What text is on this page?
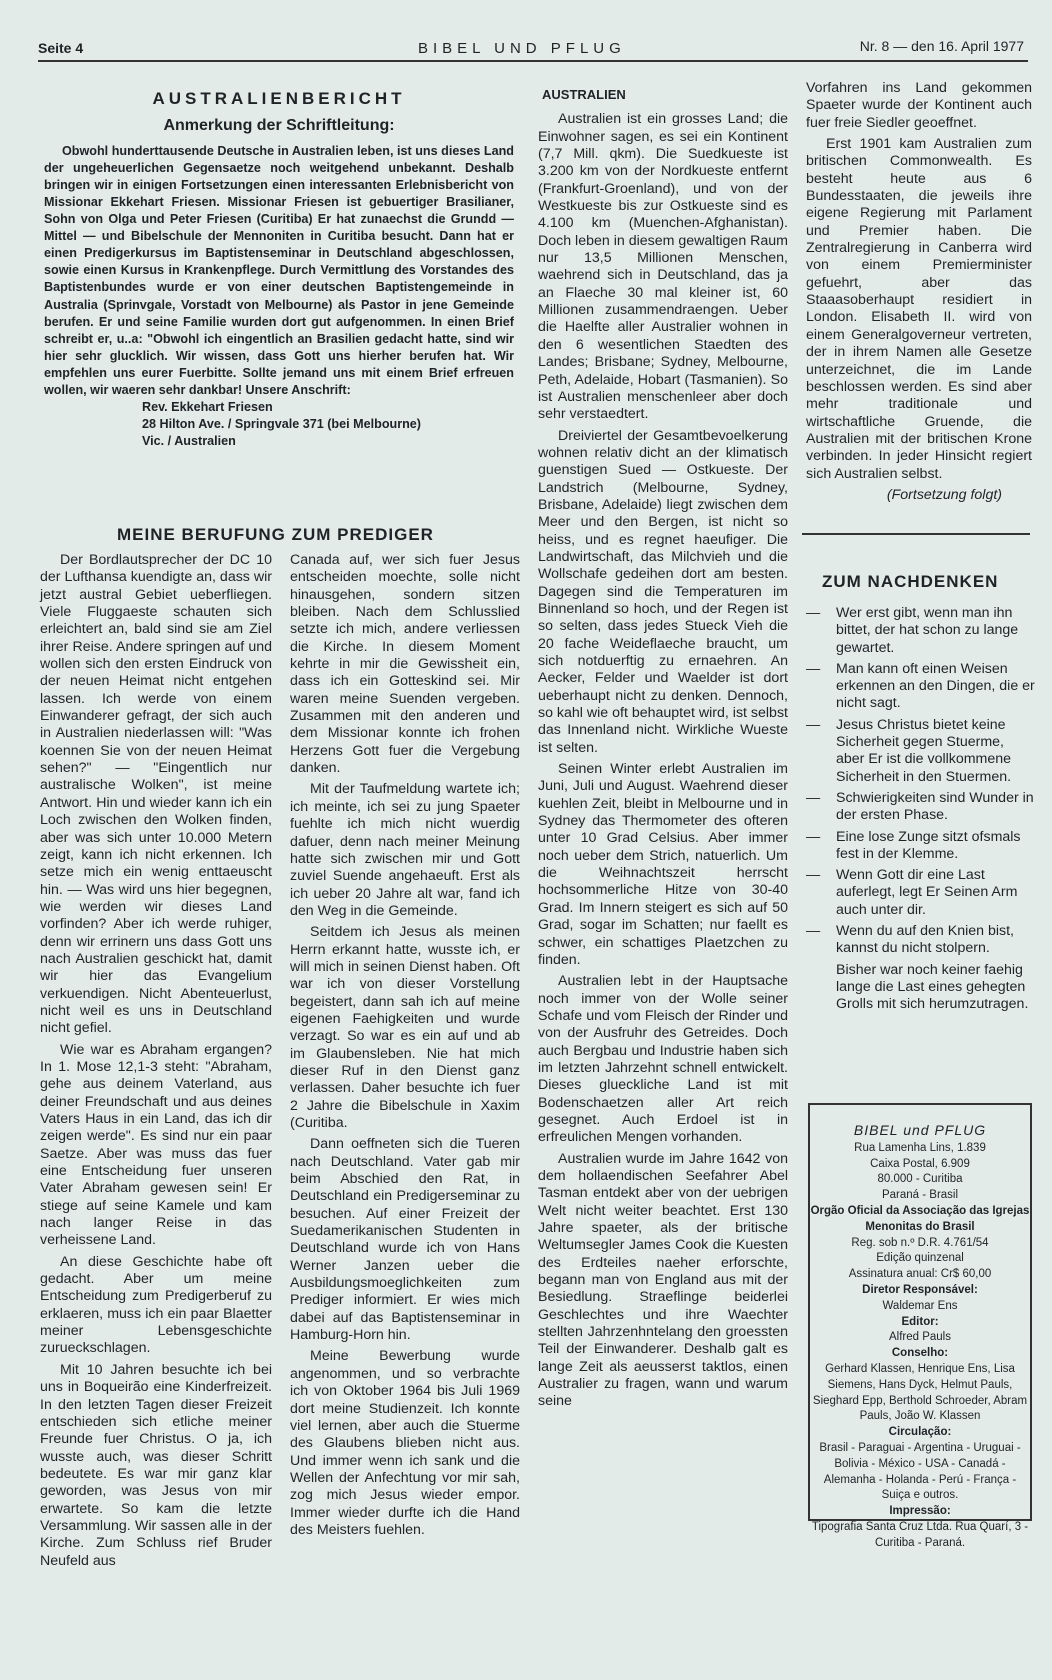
Seite 4	BIBEL UND PFLUG	Nr. 8 — den 16. April 1977
AUSTRALIENBERICHT
Anmerkung der Schriftleitung:

Obwohl hunderttausende Deutsche in Australien leben, ist uns dieses Land der ungeheuerlichen Gegensaetze noch weitgehend unbekannt. Deshalb bringen wir in einigen Fortsetzungen einen interessanten Erlebnisbericht von Missionar Ekkehart Friesen. Missionar Friesen ist gebuertiger Brasilianer, Sohn von Olga und Peter Friesen (Curitiba) Er hat zunaechst die Grundd — Mittel — und Bibelschule der Mennoniten in Curitiba besucht. Dann hat er einen Predigerkursus im Baptistenseminar in Deutschland abgeschlossen, sowie einen Kursus in Krankenpflege. Durch Vermittlung des Vorstandes des Baptistenbundes wurde er von einer deutschen Baptistengemeinde in Australia (Sprinvgale, Vorstadt von Melbourne) als Pastor in jene Gemeinde berufen. Er und seine Familie wurden dort gut aufgenommen. In einen Brief schreibt er, u..a: "Obwohl ich eingentlich an Brasilien gedacht hatte, sind wir hier sehr glucklich. Wir wissen, dass Gott uns hierher berufen hat. Wir empfehlen uns eurer Fuerbitte. Sollte jemand uns mit einem Brief erfreuen wollen, wir waeren sehr dankbar! Unsere Anschrift:

Rev. Ekkehart Friesen
28 Hilton Ave. / Springvale 371 (bei Melbourne)
Vic. / Australien
MEINE BERUFUNG ZUM PREDIGER

Der Bordlautsprecher der DC 10 der Lufthansa kuendigte an, dass wir jetzt austral Gebiet ueberfliegen. Viele Fluggaeste schauten sich erleichtert an, bald sind sie am Ziel ihrer Reise. Andere springen auf und wollen sich den ersten Eindruck von der neuen Heimat nicht entgehen lassen. Ich werde von einem Einwanderer gefragt, der sich auch in Australien niederlassen will: "Was koennen Sie von der neuen Heimat sehen?" — "Eingentlich nur australische Wolken", ist meine Antwort. Hin und wieder kann ich ein Loch zwischen den Wolken finden, aber was sich unter 10.000 Metern zeigt, kann ich nicht erkennen. Ich setze mich ein wenig enttaeuscht hin. — Was wird uns hier begegnen, wie werden wir dieses Land vorfinden? Aber ich werde ruhiger, denn wir errinern uns dass Gott uns nach Australien geschickt hat, damit wir hier das Evangelium verkuendigen. Nicht Abenteuerlust, nicht weil es uns in Deutschland nicht gefiel.

Wie war es Abraham ergangen? In 1. Mose 12,1-3 steht: "Abraham, gehe aus deinem Vaterland, aus deiner Freundschaft und aus deines Vaters Haus in ein Land, das ich dir zeigen werde". Es sind nur ein paar Saetze. Aber was muss das fuer eine Entscheidung fuer unseren Vater Abraham gewesen sein! Er stiege auf seine Kamele und kam nach langer Reise in das verheissene Land.

An diese Geschichte habe oft gedacht. Aber um meine Entscheidung zum Predigerberuf zu erklaeren, muss ich ein paar Blaetter meiner Lebensgeschichte zurueckschlagen.

Mit 10 Jahren besuchte ich bei uns in Boqueirão eine Kinderfreizeit. In den letzten Tagen dieser Freizeit entschieden sich etliche meiner Freunde fuer Christus. O ja, ich wusste auch, was dieser Schritt bedeutete. Es war mir ganz klar geworden, was Jesus von mir erwartete. So kam die letzte Versammlung. Wir sassen alle in der Kirche. Zum Schluss rief Bruder Neufeld aus

Canada auf, wer sich fuer Jesus entscheiden moechte, solle nicht hinausgehen, sondern sitzen bleiben. Nach dem Schlusslied setzte ich mich, andere verliessen die Kirche. In diesem Moment kehrte in mir die Gewissheit ein, dass ich ein Gotteskind sei. Mir waren meine Suenden vergeben. Zusammen mit den anderen und dem Missionar konnte ich frohen Herzens Gott fuer die Vergebung danken.

Mit der Taufmeldung wartete ich; ich meinte, ich sei zu jung Spaeter fuehlte ich mich nicht wuerdig dafuer, denn nach meiner Meinung hatte sich zwischen mir und Gott zuviel Suende angehaeuft. Erst als ich ueber 20 Jahre alt war, fand ich den Weg in die Gemeinde.

Seitdem ich Jesus als meinen Herrn erkannt hatte, wusste ich, er will mich in seinen Dienst haben. Oft war ich von dieser Vorstellung begeistert, dann sah ich auf meine eigenen Faehigkeiten und wurde verzagt. So war es ein auf und ab im Glaubensleben. Nie hat mich dieser Ruf in den Dienst ganz verlassen. Daher besuchte ich fuer 2 Jahre die Bibelschule in Xaxim (Curitiba.

Dann oeffneten sich die Tueren nach Deutschland. Vater gab mir beim Abschied den Rat, in Deutschland ein Predigerseminar zu besuchen. Auf einer Freizeit der Suedamerikanischen Studenten in Deutschland wurde ich von Hans Werner Janzen ueber die Ausbildungsmoeglichkeiten zum Prediger informiert. Er wies mich dabei auf das Baptistenseminar in Hamburg-Horn hin.

Meine Bewerbung wurde angenommen, und so verbrachte ich von Oktober 1964 bis Juli 1969 dort meine Studienzeit. Ich konnte viel lernen, aber auch die Stuerme des Glaubens blieben nicht aus. Und immer wenn ich sank und die Wellen der Anfechtung vor mir sah, zog mich Jesus wieder empor. Immer wieder durfte ich die Hand des Meisters fuehlen.

AUSTRALIEN

Australien ist ein grosses Land; die Einwohner sagen, es sei ein Kontinent (7,7 Mill. qkm). Die Suedkueste ist 3.200 km von der Nordkueste entfernt (Frankfurt-Groenland), und von der Westkueste bis zur Ostkueste sind es 4.100 km (Muenchen-Afghanistan). Doch leben in diesem gewaltigen Raum nur 13,5 Millionen Menschen, waehrend sich in Deutschland, das ja an Flaeche 30 mal kleiner ist, 60 Millionen zusammendraengen. Ueber die Haelfte aller Australier wohnen in den 6 wesentlichen Staedten des Landes; Brisbane; Sydney, Melbourne, Peth, Adelaide, Hobart (Tasmanien). So ist Australien menschenleer aber doch sehr verstaedtert.

Dreiviertel der Gesamtbevoelkerung wohnen relativ dicht an der klimatisch guenstigen Sued — Ostkueste. Der Landstrich (Melbourne, Sydney, Brisbane, Adelaide) liegt zwischen dem Meer und den Bergen, ist nicht so heiss, und es regnet haeufiger. Die Landwirtschaft, das Milchvieh und die Wollschafe gedeihen dort am besten. Dagegen sind die Temperaturen im Binnenland so hoch, und der Regen ist so selten, dass jedes Stueck Vieh die 20 fache Weideflaeche braucht, um sich notduerftig zu ernaehren. An Aecker, Felder und Waelder ist dort ueberhaupt nicht zu denken. Dennoch, so kahl wie oft behauptet wird, ist selbst das Innenland nicht. Wirkliche Wueste ist selten.

Seinen Winter erlebt Australien im Juni, Juli und August. Waehrend dieser kuehlen Zeit, bleibt in Melbourne und in Sydney das Thermometer des ofteren unter 10 Grad Celsius. Aber immer noch ueber dem Strich, natuerlich. Um die Weihnachtszeit herrscht hochsommerliche Hitze von 30-40 Grad. Im Innern steigert es sich auf 50 Grad, sogar im Schatten; nur faellt es schwer, ein schattiges Plaetzchen zu finden.

Australien lebt in der Hauptsache noch immer von der Wolle seiner Schafe und vom Fleisch der Rinder und von der Ausfruhr des Getreides. Doch auch Bergbau und Industrie haben sich im letzten Jahrzehnt schnell entwickelt. Dieses glueckliche Land ist mit Bodenschaetzen aller Art reich gesegnet. Auch Erdoel ist in erfreulichen Mengen vorhanden.

Australien wurde im Jahre 1642 von dem hollaendischen Seefahrer Abel Tasman entdekt aber von der uebrigen Welt nicht weiter beachtet. Erst 130 Jahre spaeter, als der britische Weltumsegler James Cook die Kuesten des Erdteiles naeher erforschte, begann man von England aus mit der Besiedlung. Straeflinge beiderlei Geschlechtes und ihre Waechter stellten Jahrzenhntelang den groessten Teil der Einwanderer. Deshalb galt es lange Zeit als aeusserst taktlos, einen Australier zu fragen, wann und warum seine

Vorfahren ins Land gekommen Spaeter wurde der Kontinent auch fuer freie Siedler geoeffnet.

Erst 1901 kam Australien zum britischen Commonwealth. Es besteht heute aus 6 Bundesstaaten, die jeweils ihre eigene Regierung mit Parlament und Premier haben. Die Zentralregierung in Canberra wird von einem Premierminister gefuehrt, aber das Staaasoberhaupt residiert in London. Elisabeth II. wird von einem Generalgoverneur vertreten, der in ihrem Namen alle Gesetze unterzeichnet, die im Lande beschlossen werden. Es sind aber mehr traditionale und wirtschaftliche Gruende, die Australien mit der britischen Krone verbinden. In jeder Hinsicht regiert sich Australien selbst.

(Fortsetzung folgt)
ZUM NACHDENKEN
—	Wer erst gibt, wenn man ihn bittet, der hat schon zu lange gewartet.
—	Man kann oft einen Weisen erkennen an den Dingen, die er nicht sagt.
—	Jesus Christus bietet keine Sicherheit gegen Stuerme, aber Er ist die vollkommene Sicherheit in den Stuermen.
—	Schwierigkeiten sind Wunder in der ersten Phase.
—	Eine lose Zunge sitzt ofsmals fest in der Klemme.
—	Wenn Gott dir eine Last auferlegt, legt Er Seinen Arm auch unter dir.
—	Wenn du auf den Knien bist, kannst du nicht stolpern.
Bisher war noch keiner faehig lange die Last eines gehegten Grolls mit sich herumzutragen.
BIBEL und PFLUG
Rua Lamenha Lins, 1.839
Caixa Postal, 6.909
80.000 - Curitiba
Paraná - Brasil
Orgão Oficial da Associação das Igrejas Menonitas do Brasil
Reg. sob n.º D.R. 4.761/54
Edição quinzenal
Assinatura anual: Cr$ 60,00
Diretor Responsável:
Waldemar Ens
Editor:
Alfred Pauls
Conselho:
Gerhard Klassen, Henrique Ens, Lisa Siemens, Hans Dyck, Helmut Pauls, Sieghard Epp, Berthold Schroeder, Abram Pauls, João W. Klassen
Circulação:
Brasil - Paraguai - Argentina - Uruguai - Bolivia - México - USA - Canadá - Alemanha - Holanda - Perú - França - Suiça e outros.
Impressão:
Tipografia Santa Cruz Ltda. Rua Quarí, 3 - Curitiba - Paraná.
